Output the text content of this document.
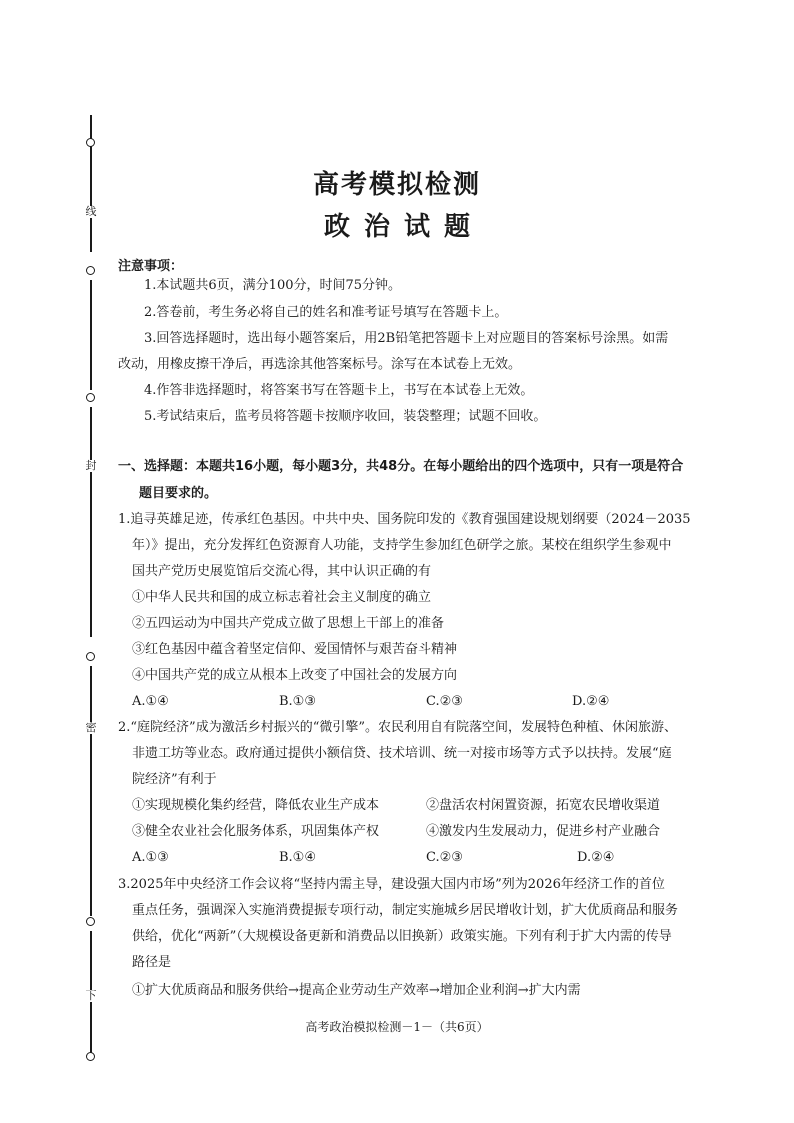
线
封
密
下
高考模拟检测
政治试题
注意事项：
1.本试题共6页，满分100分，时间75分钟。
2.答卷前，考生务必将自己的姓名和准考证号填写在答题卡上。
3.回答选择题时，选出每小题答案后，用2B铅笔把答题卡上对应题目的答案标号涂黑。如需
改动，用橡皮擦干净后，再选涂其他答案标号。涂写在本试卷上无效。
4.作答非选择题时，将答案书写在答题卡上，书写在本试卷上无效。
5.考试结束后，监考员将答题卡按顺序收回，装袋整理；试题不回收。
一、选择题：本题共16小题，每小题3分，共48分。在每小题给出的四个选项中，只有一项是符合
题目要求的。
1.追寻英雄足迹，传承红色基因。中共中央、国务院印发的《教育强国建设规划纲要（2024－2035
年）》提出，充分发挥红色资源育人功能，支持学生参加红色研学之旅。某校在组织学生参观中
国共产党历史展览馆后交流心得，其中认识正确的有
①中华人民共和国的成立标志着社会主义制度的确立
②五四运动为中国共产党成立做了思想上干部上的准备
③红色基因中蕴含着坚定信仰、爱国情怀与艰苦奋斗精神
④中国共产党的成立从根本上改变了中国社会的发展方向
A.①④	B.①③	C.②③	D.②④
2.“庭院经济”成为激活乡村振兴的“微引擎”。农民利用自有院落空间，发展特色种植、休闲旅游、
非遗工坊等业态。政府通过提供小额信贷、技术培训、统一对接市场等方式予以扶持。发展“庭
院经济”有利于
①实现规模化集约经营，降低农业生产成本	②盘活农村闲置资源，拓宽农民增收渠道
③健全农业社会化服务体系，巩固集体产权	④激发内生发展动力，促进乡村产业融合
A.①③	B.①④	C.②③	D.②④
3.2025年中央经济工作会议将“坚持内需主导，建设强大国内市场”列为2026年经济工作的首位
重点任务，强调深入实施消费提振专项行动，制定实施城乡居民增收计划，扩大优质商品和服务
供给，优化“两新”（大规模设备更新和消费品以旧换新）政策实施。下列有利于扩大内需的传导
路径是
①扩大优质商品和服务供给→提高企业劳动生产效率→增加企业利润→扩大内需
高考政治模拟检测－1－（共6页）
